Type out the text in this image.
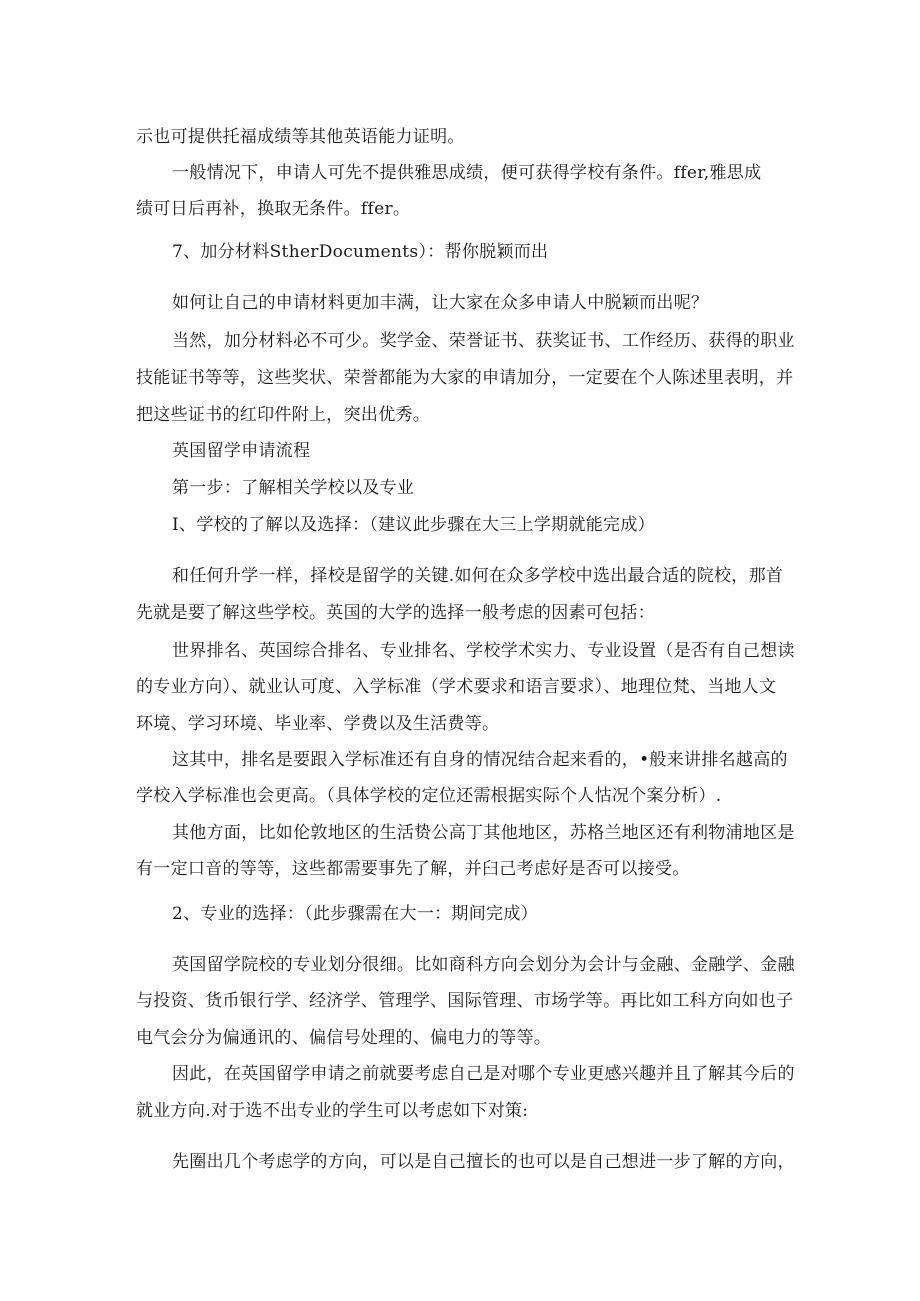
示也可提供托福成绩等其他英语能力证明。

一般情况下，申请人可先不提供雅思成绩，便可获得学校有条件。ffer,雅思成

绩可日后再补，换取无条件。ffer。

7、加分材料StherDocuments）：帮你脱颖而出

如何让自己的申请材料更加丰满，让大家在众多申请人中脱颖而出呢？

当然，加分材料必不可少。奖学金、荣誉证书、获奖证书、工作经历、获得的职业

技能证书等等，这些奖状、荣誉都能为大家的申请加分，一定要在个人陈述里表明，并

把这些证书的红印件附上，突出优秀。

英国留学申请流程

第一步：了解相关学校以及专业

I、学校的了解以及选择：（建议此步骤在大三上学期就能完成）

和任何升学一样，择校是留学的关键.如何在众多学校中选出最合适的院校，那首

先就是要了解这些学校。英国的大学的选择一般考虑的因素可包括：

世界排名、英国综合排名、专业排名、学校学术实力、专业设置（是否有自己想读

的专业方向）、就业认可度、入学标准（学术要求和语言要求）、地理位梵、当地人文

环境、学习环境、毕业率、学费以及生活费等。

这其中，排名是要跟入学标准还有自身的情况结合起来看的，•般来讲排名越高的

学校入学标准也会更高。（具体学校的定位还需根据实际个人怙况个案分析）.

其他方面，比如伦敦地区的生活贽公高丁其他地区，苏格兰地区还有利物浦地区是

有一定口音的等等，这些都需要事先了解，并臼己考虑好是否可以接受。

2、专业的选择：（此步骤需在大一：期间完成）

英国留学院校的专业划分很细。比如商科方向会划分为会计与金融、金融学、金融

与投资、货币银行学、经济学、管理学、国际管理、市场学等。再比如工科方向如也子

电气会分为偏通讯的、偏信号处理的、偏电力的等等。

因此，在英国留学申请之前就要考虑自己是对哪个专业更感兴趣并且了解其今后的

就业方向.对于选不出专业的学生可以考虑如下对策:

先圈出几个考虑学的方向，可以是自己擅长的也可以是自己想进一步了解的方向，
